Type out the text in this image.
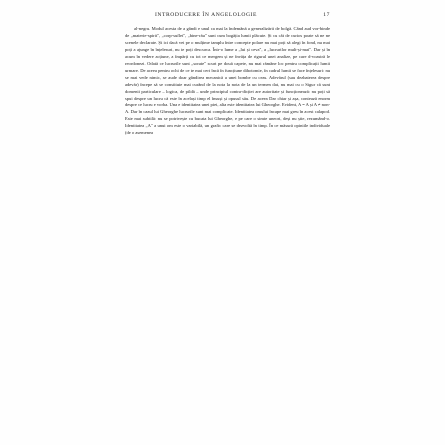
INTRODUCERE ÎN ANGELOLOGIE	17

al-negru. Modul acesta de a gândi e unul ca mai la îndemână a generalizării de bolgă. Când aud vor-binde de „materie-spirit", „corp-suflet", „bine-rău" sunt cum bogăția lumii plăcute. Și cu cât de curios poate să ne ne scenele declarate. Și ici dacă vei pe o mulțime tamplu între concepte polare nu mai poți să alegi în fond, nu mai poți a ajunge în înțelesuri, nu te poți descurca. Într-o lume a „lui și ceva", a „lucrurilor mult-și-mai". Dar și în acum în vedere acțiune, a împărți cu tot ce mergem și ne învăța de rigurul unei analize, pe care d-voastră le reordonezi. Odată ce lucrurile sunt „sorate" scurt pe două capete, nu mai rămâne loc pentru complicații lumii urmare. De aceea pentru ochi de ce te mai cert încă în funcțiune dihotomie, în cadrul lumii se face înțelesuri: nu se mai vede nimic, se aude doar gândirea mecanică a unei bombe cu ceas. Adevărul (sau dezbaterea despre adevăr) începe să se constituie mai curând de la nota la nota de la un termen dat, nu mai cu o Sigur că sunt domenii particulare – logica, de pildă – unde principiul contra-dicției are autoritate și funcționează: nu poți să spui despre un lucru că este în același timp el însuși și opusul său. De aceea Dar chiar și așa, contează enorm despre ce lucru e vorba. Una e identitatea unei piei, alta este identitatea lui Gheorghe. Evident, A = A și A ≠ non-A. Dar în cazul lui Gheorghe lucrurile sunt mai complicate. Identitatea omului încape mai greu în acest calapod. Este mai subtilă: nu se potrivește cu bucata lui Gheorghe, e pe care o simte uneori, deși nu știe, rezumând-o. Identitatea „A" a unui om este o variabilă, un grafic care se dezvoltă în timp. În ce măsură opiniile individuale (de o asemenea
